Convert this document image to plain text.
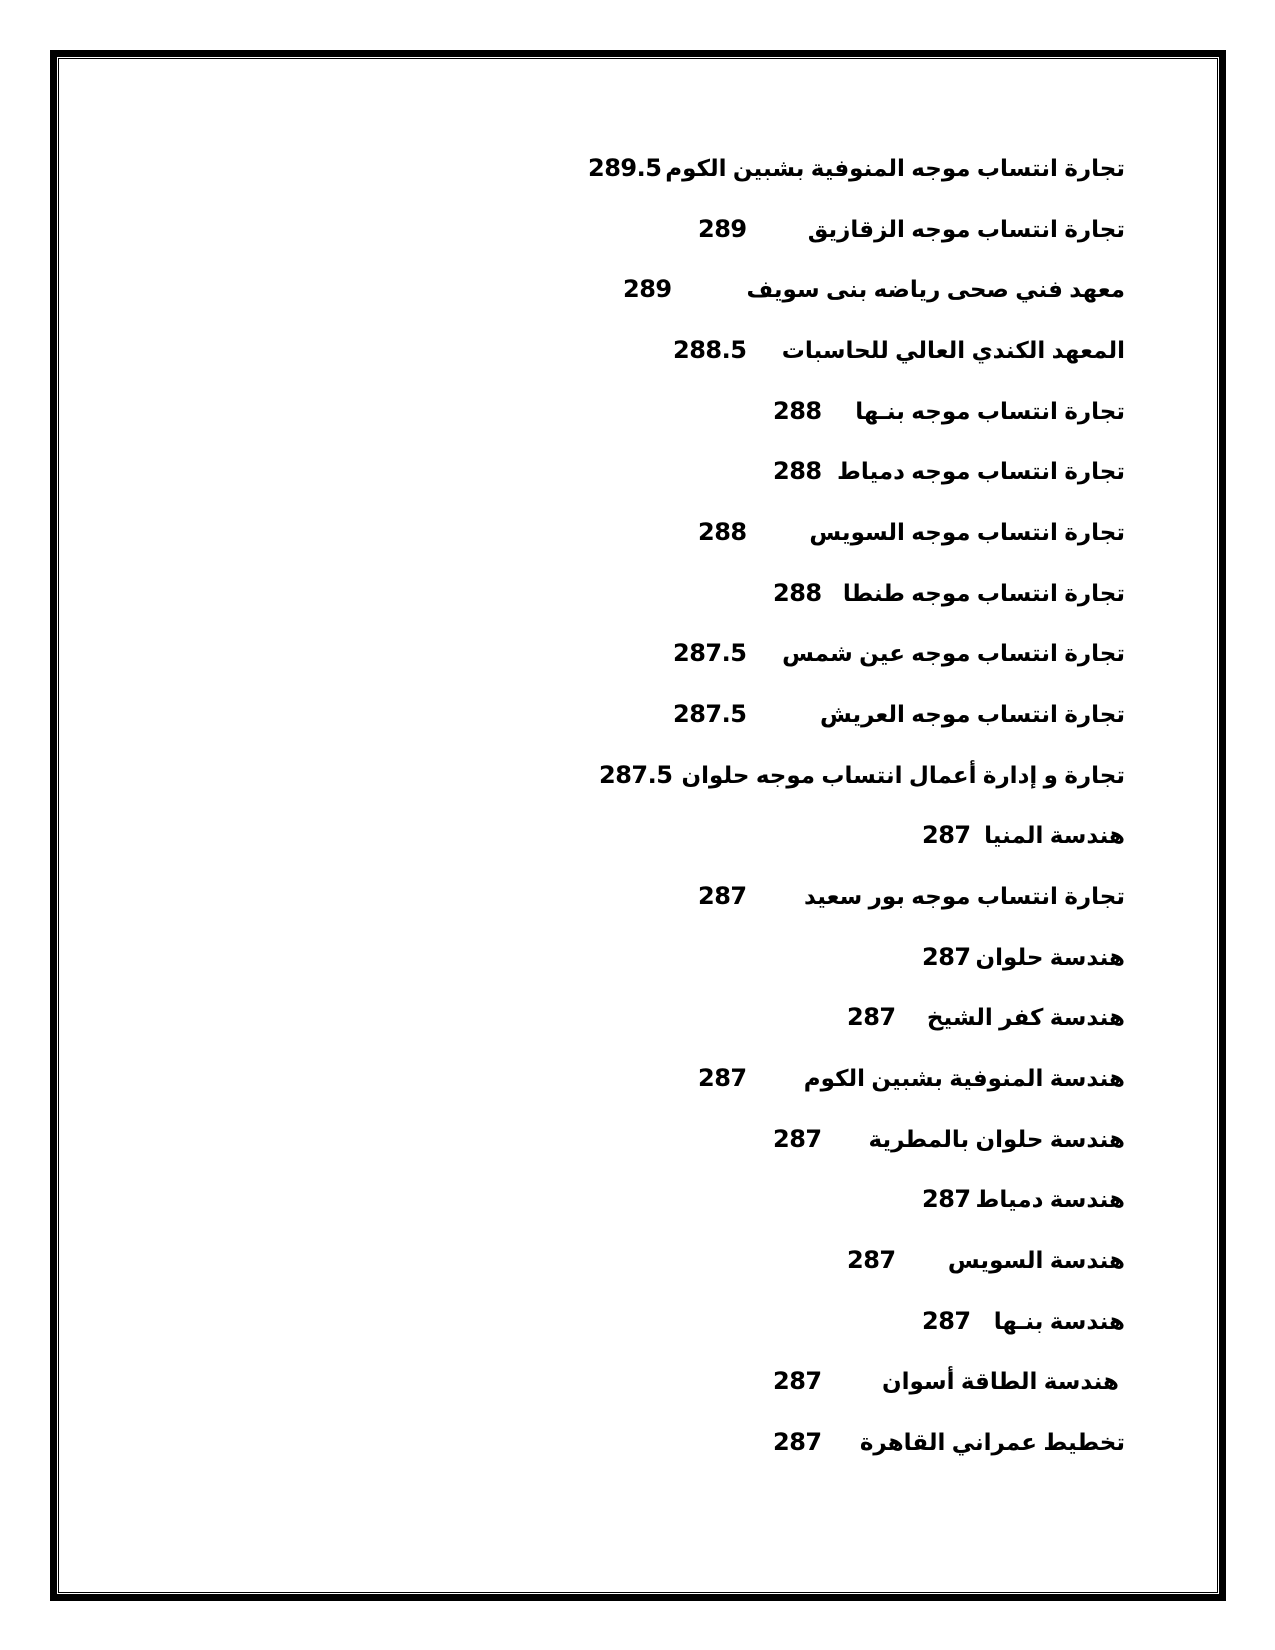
تجارة انتساب موجه المنوفية بشبين الكوم
289.5
تجارة انتساب موجه الزقازيق
289
معهد فني صحى رياضه بنى سويف
289
المعهد الكندي العالي للحاسبات
288.5
تجارة انتساب موجه بنـها
288
تجارة انتساب موجه دمياط
288
تجارة انتساب موجه السويس
288
تجارة انتساب موجه طنطا
288
تجارة انتساب موجه عين شمس
287.5
تجارة انتساب موجه العريش
287.5
تجارة و إدارة أعمال انتساب موجه حلوان
287.5
هندسة المنيا
287
تجارة انتساب موجه بور سعيد
287
هندسة حلوان
287
هندسة كفر الشيخ
287
هندسة المنوفية بشبين الكوم
287
هندسة حلوان بالمطرية
287
هندسة دمياط
287
هندسة السويس
287
هندسة بنـها
287
هندسة الطاقة أسوان
287
تخطيط عمراني القاهرة
287
